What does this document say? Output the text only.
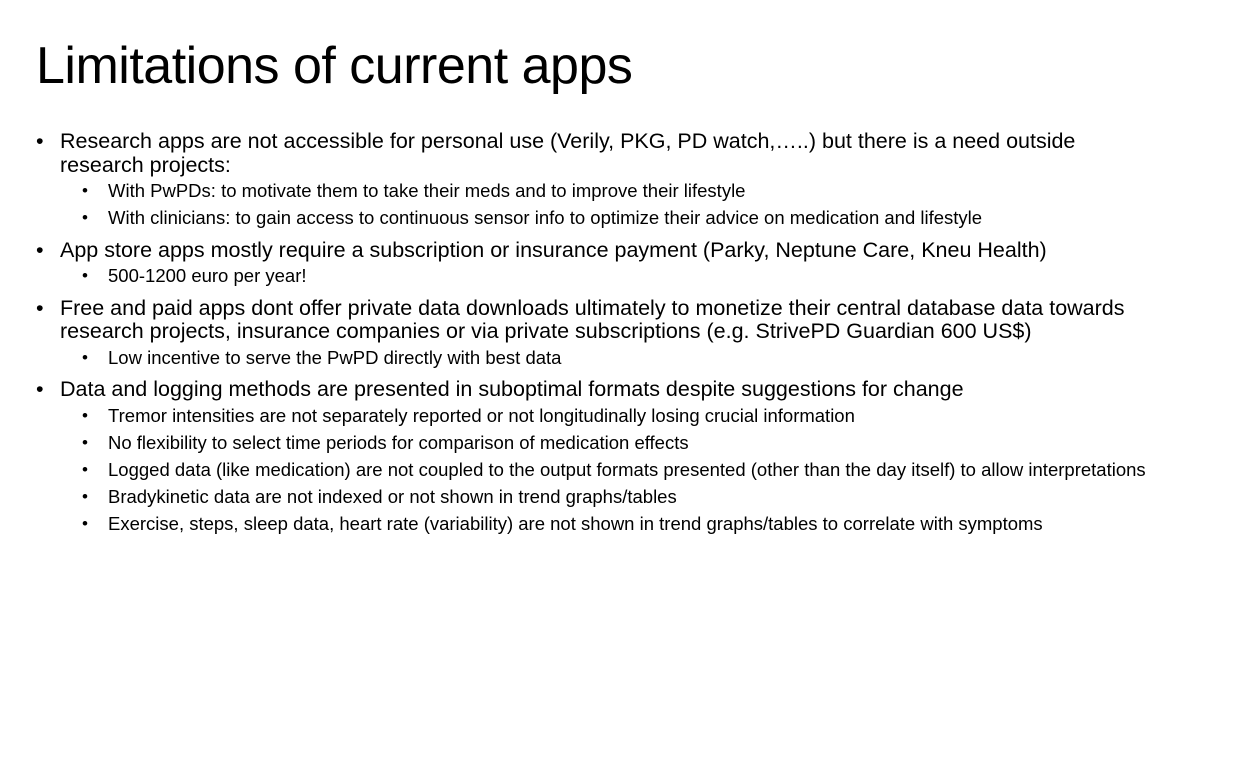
Limitations of current apps
• Research apps are not accessible for personal use (Verily, PKG, PD watch,…..) but there is a need outside research projects:
•	With PwPDs: to motivate them to take their meds and to improve their lifestyle
•	With clinicians: to gain access to continuous sensor info to optimize their advice on medication and lifestyle
• App store apps mostly require a subscription or insurance payment (Parky, Neptune Care, Kneu Health)
•	500-1200 euro per year!
• Free and paid apps dont offer private data downloads ultimately to monetize their central database data towards research projects, insurance companies or via private subscriptions (e.g. StrivePD Guardian 600 US$)
•	Low incentive to serve the PwPD directly with best data
• Data and logging methods are presented in suboptimal formats despite suggestions for change
•	Tremor intensities are not separately reported or not longitudinally losing crucial information
•	No flexibility to select time periods for comparison of medication effects
•	Logged data (like medication) are not coupled to the output formats presented (other than the day itself) to allow interpretations
•	Bradykinetic data are not indexed or not shown in trend graphs/tables
•	Exercise, steps, sleep data, heart rate (variability) are not shown in trend graphs/tables to correlate with symptoms
